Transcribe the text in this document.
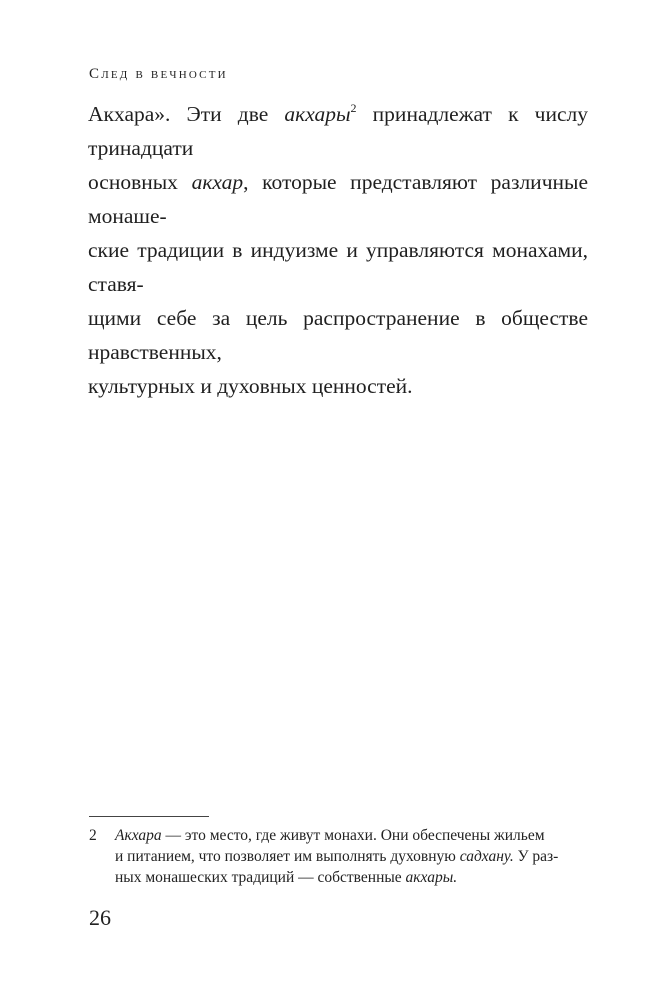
След в вечности
Акхара». Эти две акхары$^2$ принадлежат к числу тринадцати
основных акхар, которые представляют различные монаше-
ские традиции в индуизме и управляются монахами, ставя-
щими себе за цель распространение в обществе нравственных,
культурных и духовных ценностей.
2 Акхара — это место, где живут монахи. Они обеспечены жильем
и питанием, что позволяет им выполнять духовную садхану. У раз-
ных монашеских традиций — собственные акхары.
26
